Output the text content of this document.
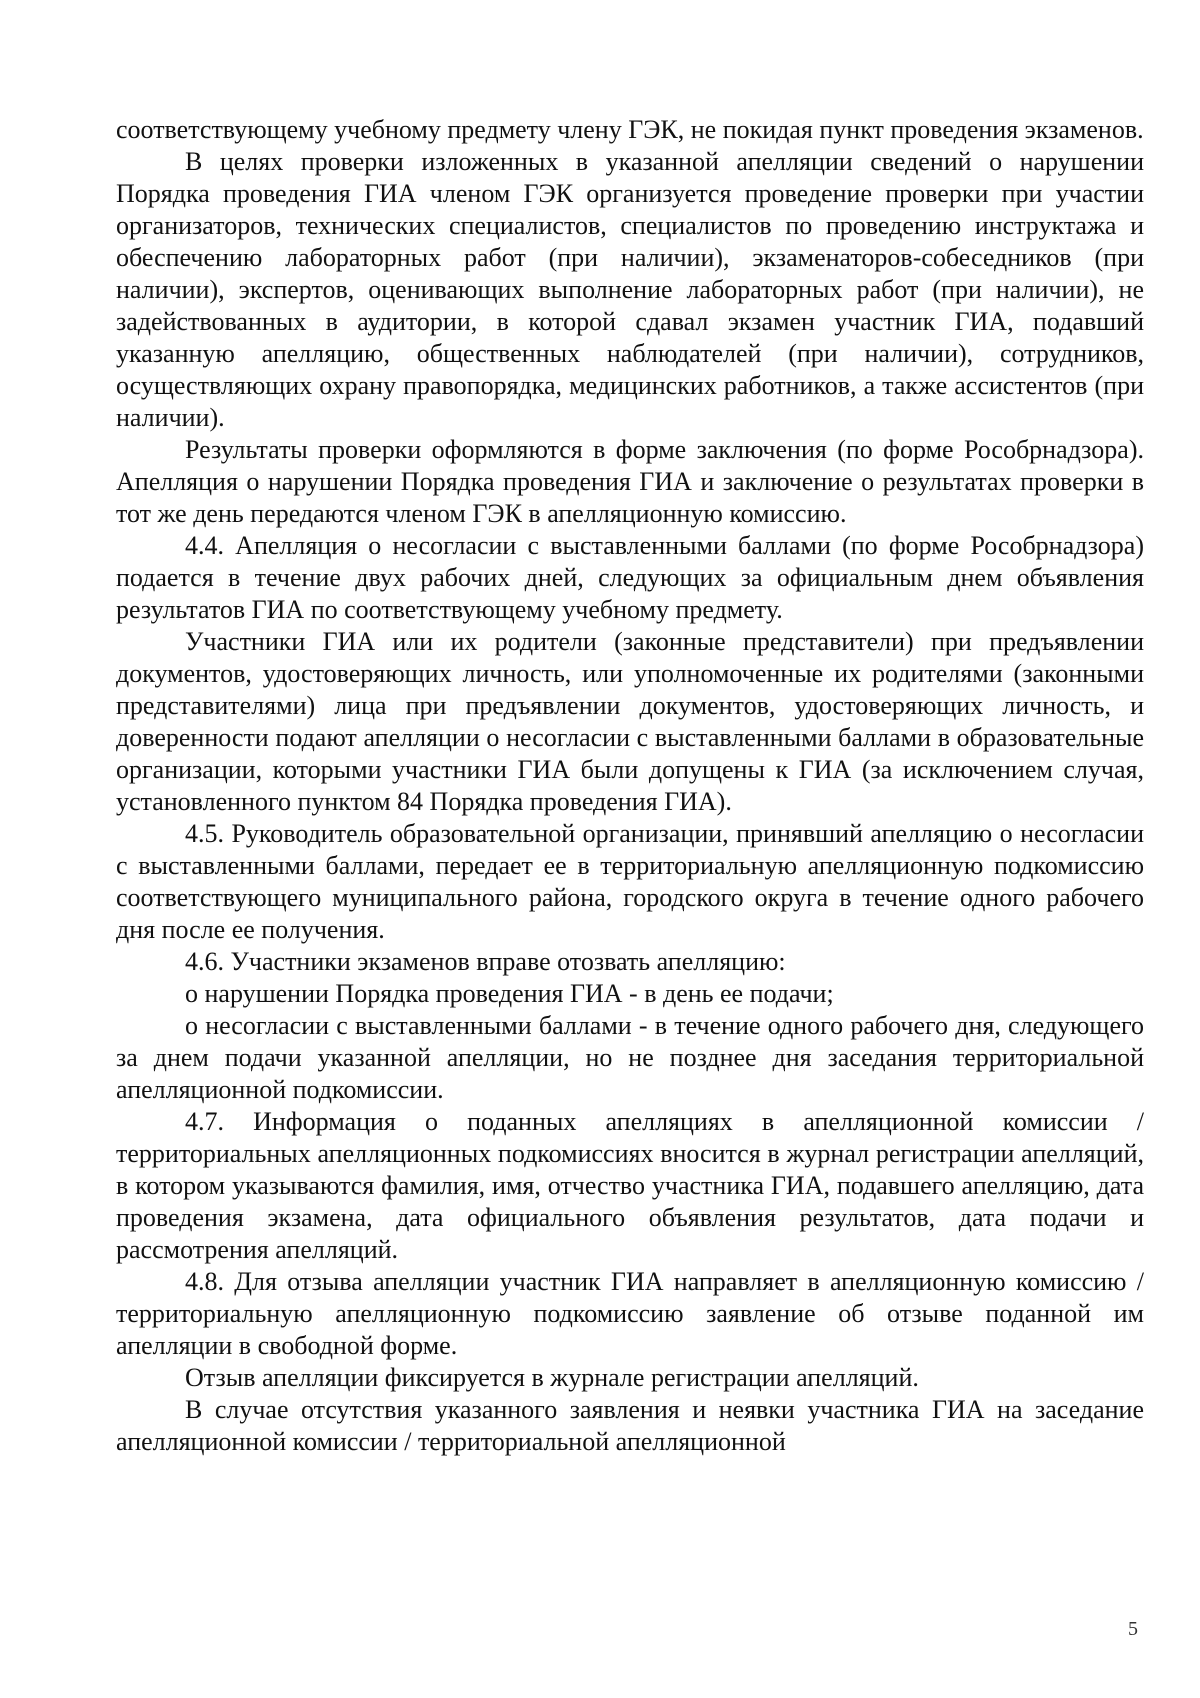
соответствующему учебному предмету члену ГЭК, не покидая пункт проведения экзаменов.

В целях проверки изложенных в указанной апелляции сведений о нарушении Порядка проведения ГИА членом ГЭК организуется проведение проверки при участии организаторов, технических специалистов, специалистов по проведению инструктажа и обеспечению лабораторных работ (при наличии), экзаменаторов-собеседников (при наличии), экспертов, оценивающих выполнение лабораторных работ (при наличии), не задействованных в аудитории, в которой сдавал экзамен участник ГИА, подавший указанную апелляцию, общественных наблюдателей (при наличии), сотрудников, осуществляющих охрану правопорядка, медицинских работников, а также ассистентов (при наличии).

Результаты проверки оформляются в форме заключения (по форме Рособрнадзора). Апелляция о нарушении Порядка проведения ГИА и заключение о результатах проверки в тот же день передаются членом ГЭК в апелляционную комиссию.

4.4. Апелляция о несогласии с выставленными баллами (по форме Рособрнадзора) подается в течение двух рабочих дней, следующих за официальным днем объявления результатов ГИА по соответствующему учебному предмету.

Участники ГИА или их родители (законные представители) при предъявлении документов, удостоверяющих личность, или уполномоченные их родителями (законными представителями) лица при предъявлении документов, удостоверяющих личность, и доверенности подают апелляции о несогласии с выставленными баллами в образовательные организации, которыми участники ГИА были допущены к ГИА (за исключением случая, установленного пунктом 84 Порядка проведения ГИА).

4.5. Руководитель образовательной организации, принявший апелляцию о несогласии с выставленными баллами, передает ее в территориальную апелляционную подкомиссию соответствующего муниципального района, городского округа в течение одного рабочего дня после ее получения.

4.6. Участники экзаменов вправе отозвать апелляцию:

о нарушении Порядка проведения ГИА - в день ее подачи;

о несогласии с выставленными баллами - в течение одного рабочего дня, следующего за днем подачи указанной апелляции, но не позднее дня заседания территориальной апелляционной подкомиссии.

4.7. Информация о поданных апелляциях в апелляционной комиссии / территориальных апелляционных подкомиссиях вносится в журнал регистрации апелляций, в котором указываются фамилия, имя, отчество участника ГИА, подавшего апелляцию, дата проведения экзамена, дата официального объявления результатов, дата подачи и рассмотрения апелляций.

4.8. Для отзыва апелляции участник ГИА направляет в апелляционную комиссию / территориальную апелляционную подкомиссию заявление об отзыве поданной им апелляции в свободной форме.

Отзыв апелляции фиксируется в журнале регистрации апелляций.

В случае отсутствия указанного заявления и неявки участника ГИА на заседание апелляционной комиссии / территориальной апелляционной

5
